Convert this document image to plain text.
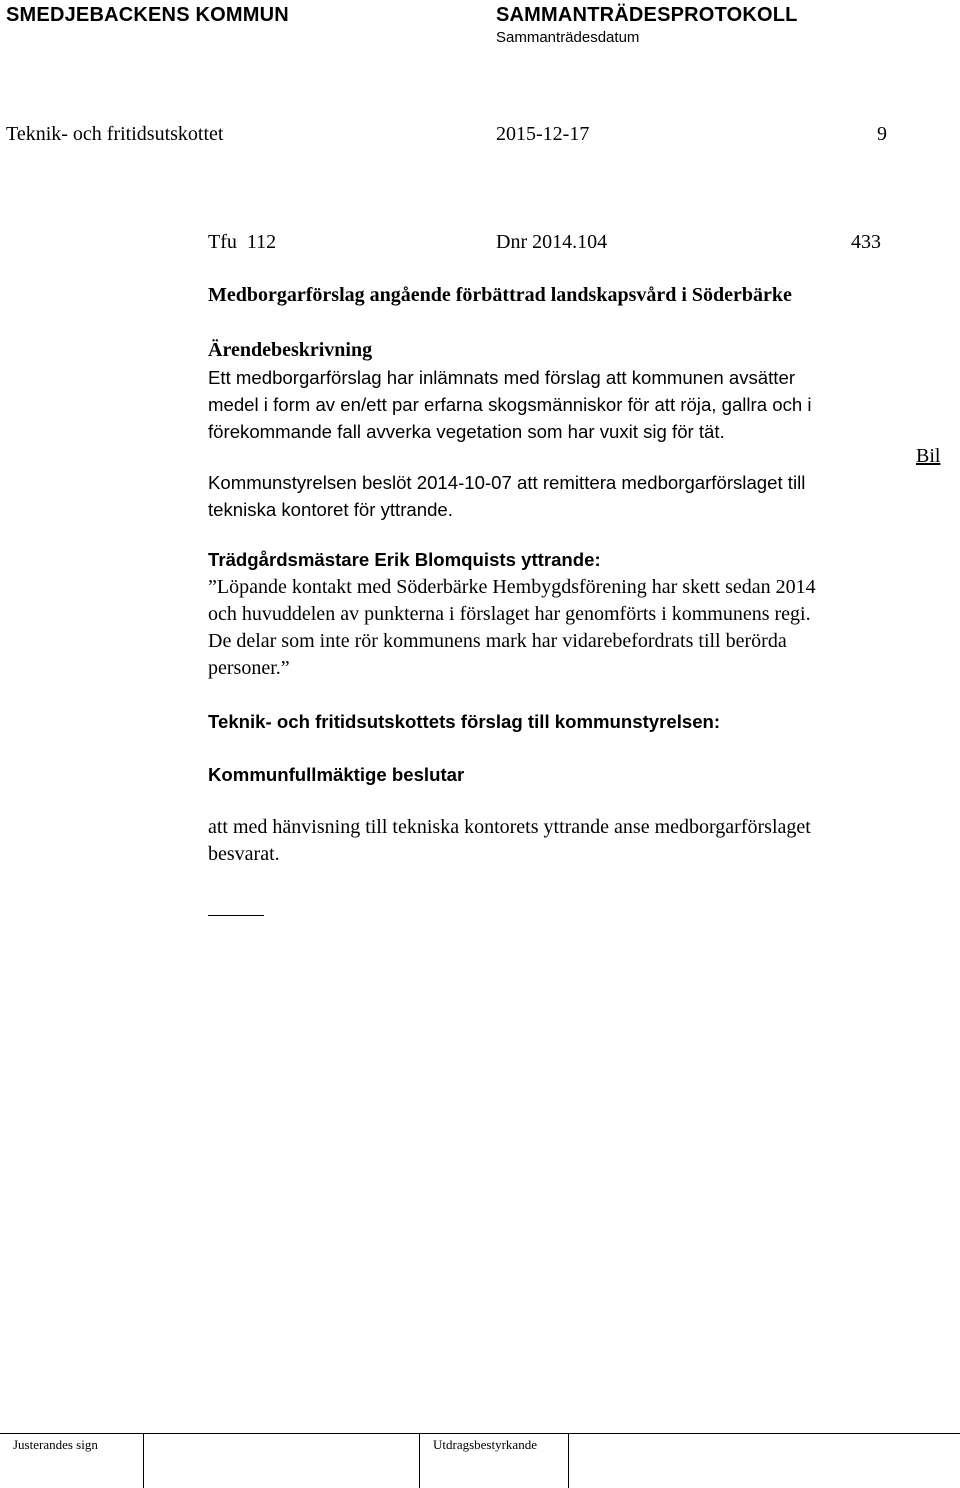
SMEDJEBACKENS KOMMUN	SAMMANTRÄDESPROTOKOLL
Sammanträdesdatum
Teknik- och fritidsutskottet	2015-12-17	9
Tfu  112	Dnr 2014.104	433
Medborgarförslag angående förbättrad landskapsvård i Söderbärke
Ärendebeskrivning
Ett medborgarförslag har inlämnats med förslag att kommunen avsätter
medel i form av en/ett par erfarna skogsmänniskor för att röja, gallra och i
förekommande fall avverka vegetation som har vuxit sig för tät.
Bil
Kommunstyrelsen beslöt 2014-10-07 att remittera medborgarförslaget till
tekniska kontoret för yttrande.
Trädgårdsmästare Erik Blomquists yttrande:
”Löpande kontakt med Söderbärke Hembygdsförening har skett sedan 2014
och huvuddelen av punkterna i förslaget har genomförts i kommunens regi.
De delar som inte rör kommunens mark har vidarebefordrats till berörda
personer.”
Teknik- och fritidsutskottets förslag till kommunstyrelsen:
Kommunfullmäktige beslutar
att med hänvisning till tekniska kontorets yttrande anse medborgarförslaget
besvarat.
Justerandes sign	Utdragsbestyrkande
